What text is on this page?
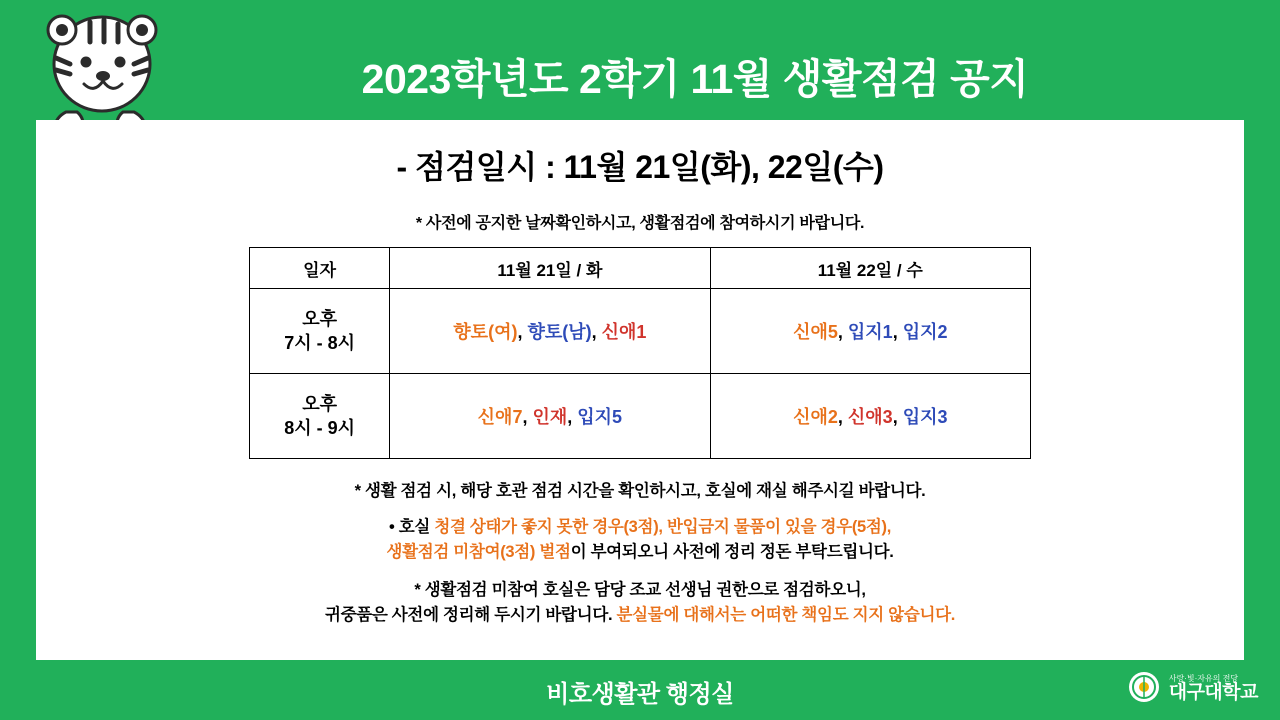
2023학년도 2학기 11월 생활점검 공지
- 점검일시 : 11월 21일(화), 22일(수)
* 사전에 공지한 날짜확인하시고, 생활점검에 참여하시기 바랍니다.
일자	11월 21일 / 화	11월 22일 / 수

오후
7시 - 8시	향토(여), 향토(남), 신애1	신애5, 입지1, 입지2

오후
8시 - 9시	신애7, 인재, 입지5	신애2, 신애3, 입지3
* 생활 점검 시, 해당 호관 점검 시간을 확인하시고, 호실에 재실 해주시길 바랍니다.
• 호실 청결 상태가 좋지 못한 경우(3점), 반입금지 물품이 있을 경우(5점),
생활점검 미참여(3점) 벌점이 부여되오니 사전에 정리 정돈 부탁드립니다.
* 생활점검 미참여 호실은 담당 조교 선생님 권한으로 점검하오니,
귀중품은 사전에 정리해 두시기 바랍니다. 분실물에 대해서는 어떠한 책임도 지지 않습니다.
비호생활관 행정실
사랑·빛·자유의 전당
대구대학교
